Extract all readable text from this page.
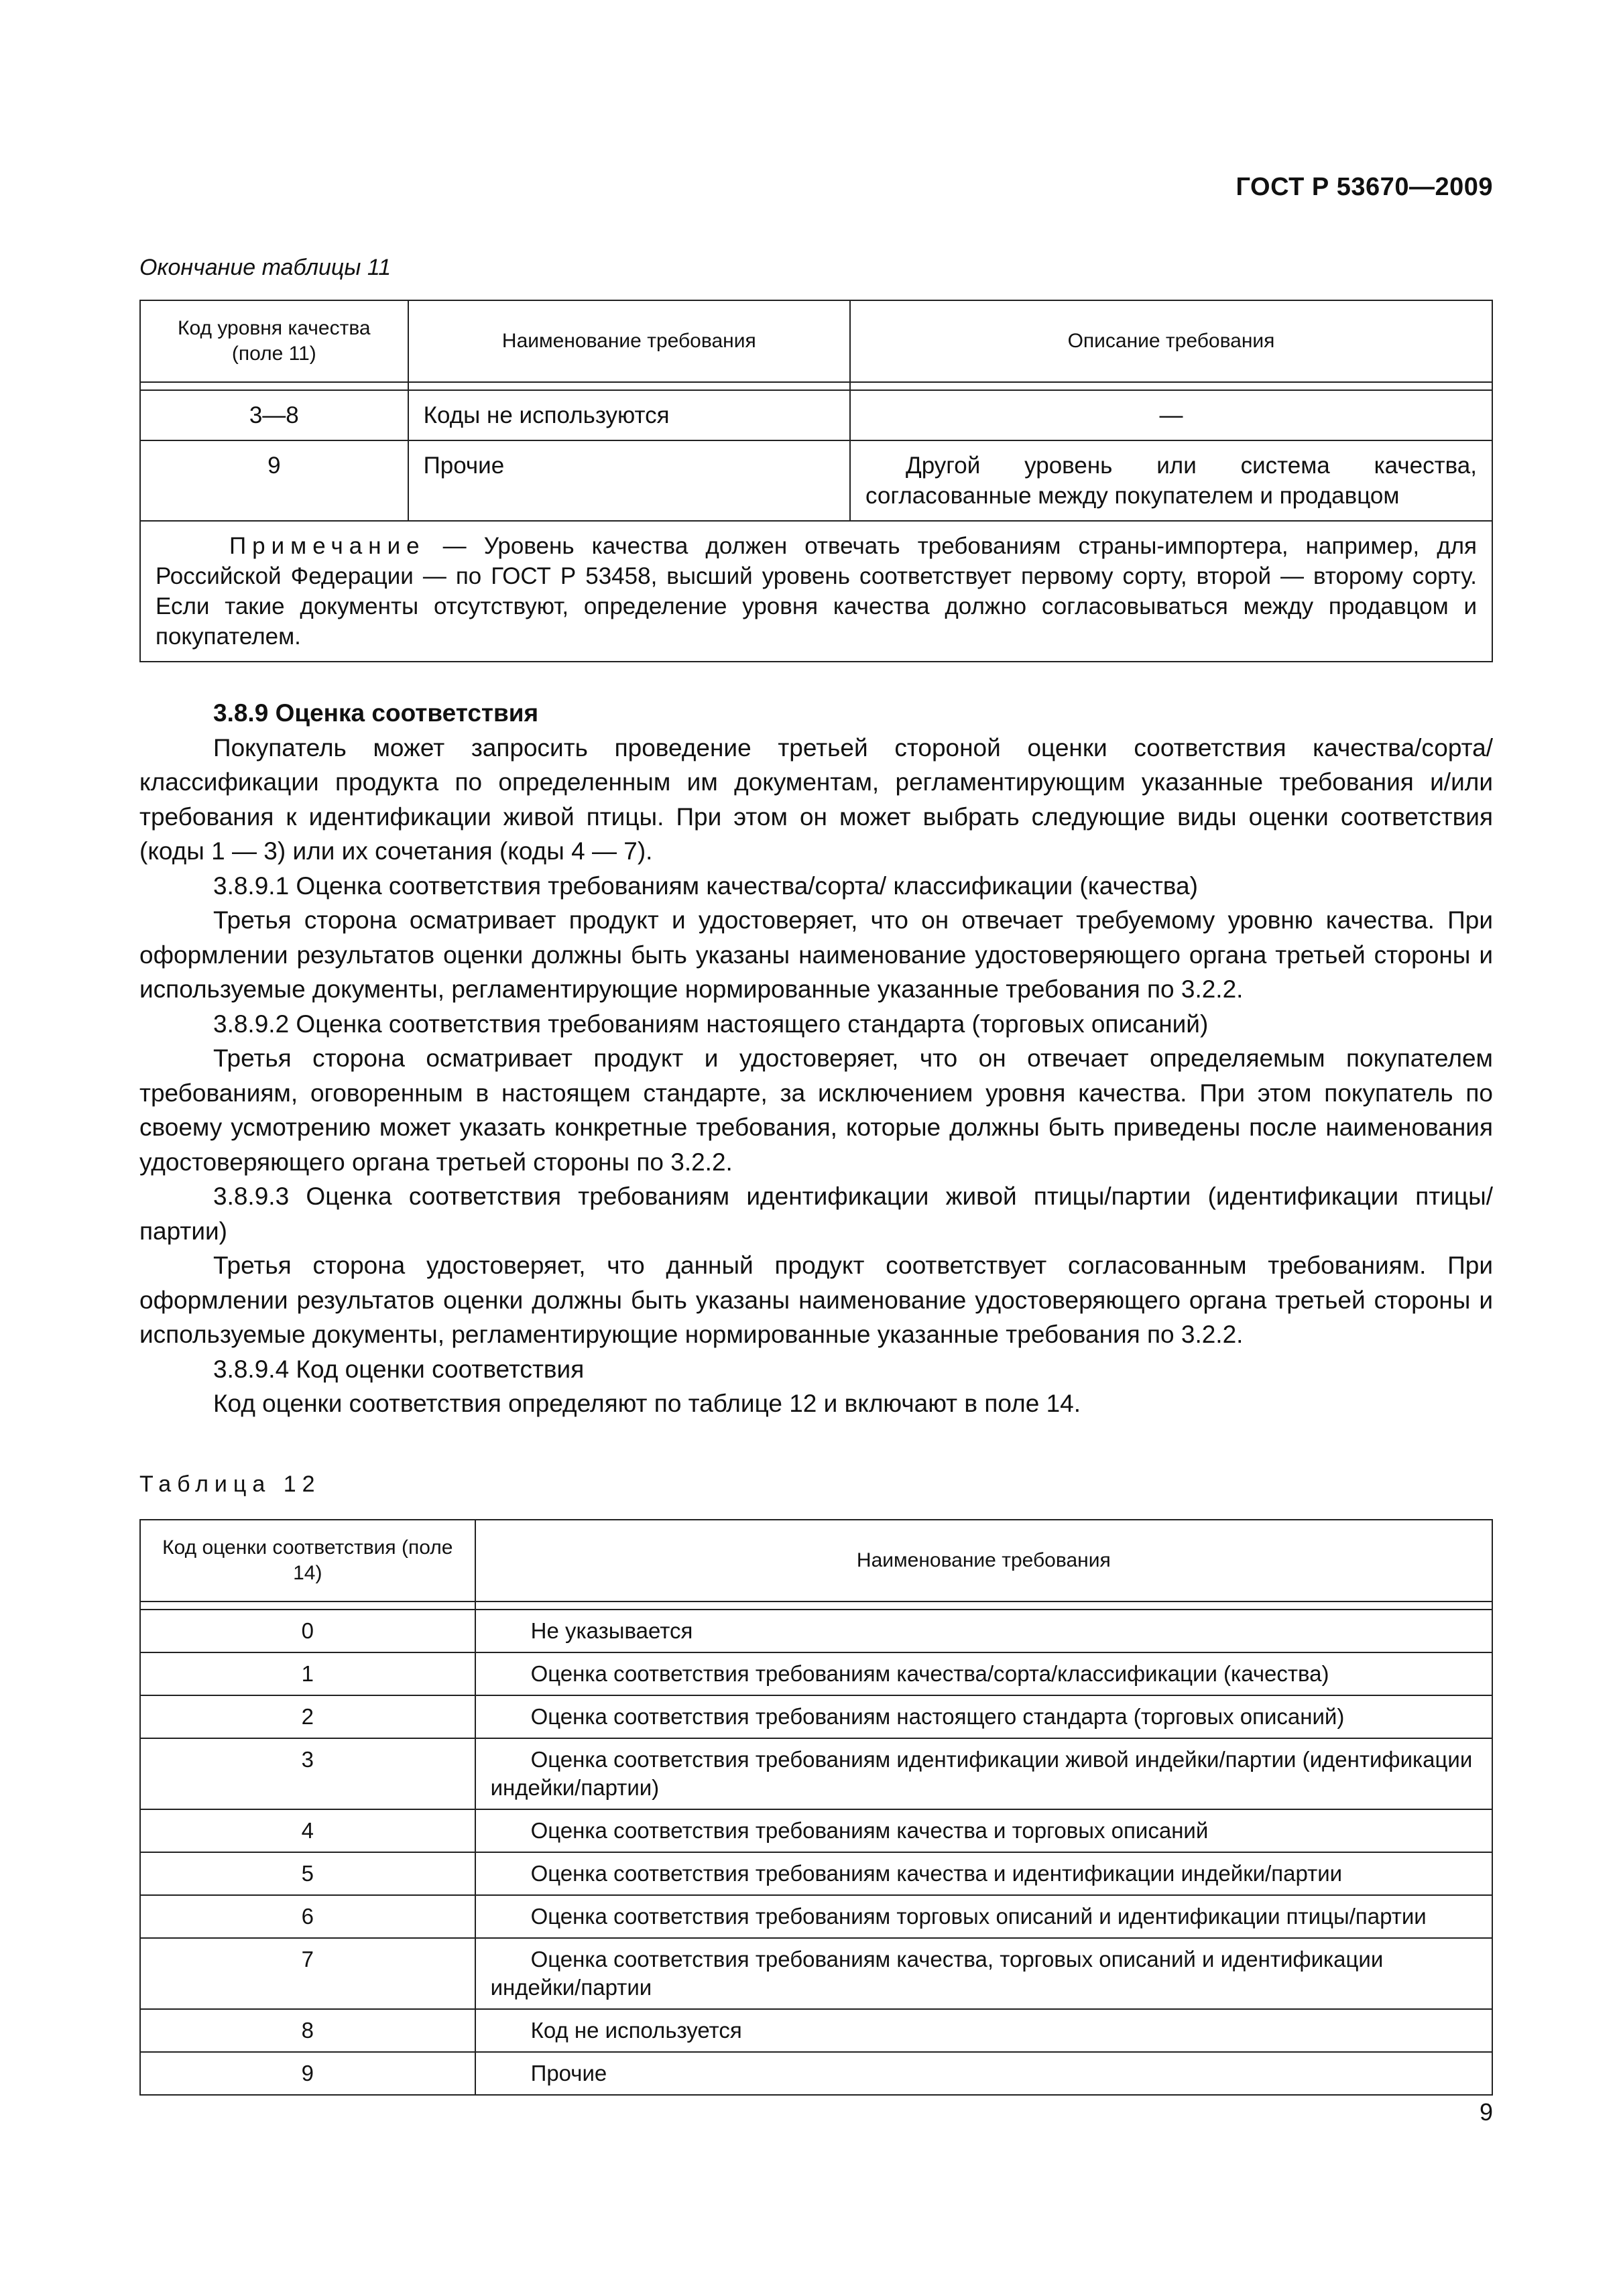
ГОСТ Р 53670—2009
Окончание таблицы 11
Код уровня качества (поле 11)	Наименование требования	Описание требования

3—8	Коды не используются	—
9	Прочие	Другой уровень или система качества, согласованные между покупателем и продавцом
Примечание — Уровень качества должен отвечать требованиям страны-импортера, например, для Российской Федерации — по ГОСТ Р 53458, высший уровень соответствует первому сорту, второй — второму сорту. Если такие документы отсутствуют, определение уровня качества должно согласовываться между продавцом и покупателем.		

3.8.9 Оценка соответствия

Покупатель может запросить проведение третьей стороной оценки соответствия качества/сорта/классификации продукта по определенным им документам, регламентирующим указанные требования и/или требования к идентификации живой птицы. При этом он может выбрать следующие виды оценки соответствия (коды 1 — 3) или их сочетания (коды 4 — 7).

3.8.9.1 Оценка соответствия требованиям качества/сорта/ классификации (качества)

Третья сторона осматривает продукт и удостоверяет, что он отвечает требуемому уровню качества. При оформлении результатов оценки должны быть указаны наименование удостоверяющего органа третьей стороны и используемые документы, регламентирующие нормированные указанные требования по 3.2.2.

3.8.9.2 Оценка соответствия требованиям настоящего стандарта (торговых описаний)

Третья сторона осматривает продукт и удостоверяет, что он отвечает определяемым покупателем требованиям, оговоренным в настоящем стандарте, за исключением уровня качества. При этом покупатель по своему усмотрению может указать конкретные требования, которые должны быть приведены после наименования удостоверяющего органа третьей стороны по 3.2.2.

3.8.9.3 Оценка соответствия требованиям идентификации живой птицы/партии (идентификации птицы/партии)

Третья сторона удостоверяет, что данный продукт соответствует согласованным требованиям. При оформлении результатов оценки должны быть указаны наименование удостоверяющего органа третьей стороны и используемые документы, регламентирующие нормированные указанные требования по 3.2.2.

3.8.9.4 Код оценки соответствия

Код оценки соответствия определяют по таблице 12 и включают в поле 14.

Таблица 12
Код оценки соответствия (поле 14)	Наименование требования

0	Не указывается
1	Оценка соответствия требованиям качества/сорта/классификации (качества)
2	Оценка соответствия требованиям настоящего стандарта (торговых описаний)
3	Оценка соответствия требованиям идентификации живой индейки/партии (идентификации индейки/партии)
4	Оценка соответствия требованиям качества и торговых описаний
5	Оценка соответствия требованиям качества и идентификации индейки/партии
6	Оценка соответствия требованиям торговых описаний и идентификации птицы/партии
7	Оценка соответствия требованиям качества, торговых описаний и идентификации индейки/партии
8	Код не используется
9	Прочие
9
